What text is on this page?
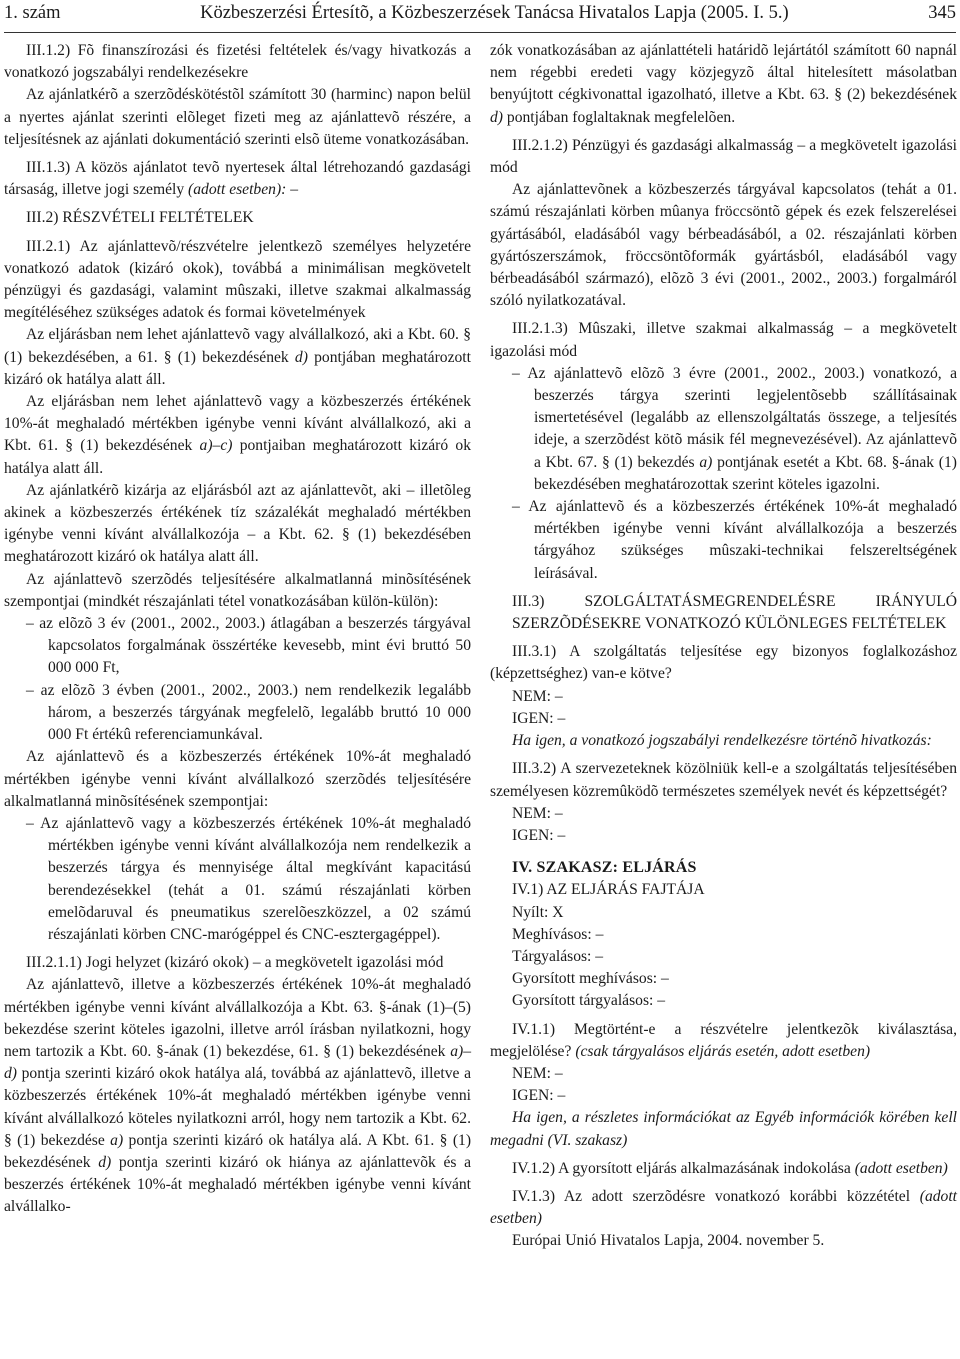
1. szám	Közbeszerzési Értesítõ, a Közbeszerzések Tanácsa Hivatalos Lapja (2005. I. 5.)	345

III.1.2) Fõ finanszírozási és fizetési feltételek és/vagy hivatkozás a vonatkozó jogszabályi rendelkezésekre

Az ajánlatkérõ a szerzõdéskötéstõl számított 30 (harminc) napon belül a nyertes ajánlat szerinti elõleget fizeti meg az ajánlattevõ részére, a teljesítésnek az ajánlati dokumentáció szerinti elsõ üteme vonatkozásában.

III.1.3) A közös ajánlatot tevõ nyertesek által létrehozandó gazdasági társaság, illetve jogi személy (adott esetben): –

III.2) RÉSZVÉTELI FELTÉTELEK

III.2.1) Az ajánlattevõ/részvételre jelentkezõ személyes helyzetére vonatkozó adatok (kizáró okok), továbbá a minimálisan megkövetelt pénzügyi és gazdasági, valamint mûszaki, illetve szakmai alkalmasság megítéléséhez szükséges adatok és formai követelmények

Az eljárásban nem lehet ajánlattevõ vagy alvállalkozó, aki a Kbt. 60. § (1) bekezdésében, a 61. § (1) bekezdésének d) pontjában meghatározott kizáró ok hatálya alatt áll.

Az eljárásban nem lehet ajánlattevõ vagy a közbeszerzés értékének 10%-át meghaladó mértékben igénybe venni kívánt alvállalkozó, aki a Kbt. 61. § (1) bekezdésének a)–c) pontjaiban meghatározott kizáró ok hatálya alatt áll.

Az ajánlatkérõ kizárja az eljárásból azt az ajánlattevõt, aki – illetõleg akinek a közbeszerzés értékének tíz százalékát meghaladó mértékben igénybe venni kívánt alvállalkozója – a Kbt. 62. § (1) bekezdésében meghatározott kizáró ok hatálya alatt áll.

Az ajánlattevõ szerzõdés teljesítésére alkalmatlanná minõsítésének szempontjai (mindkét részajánlati tétel vonatkozásában külön-külön):

– az elõzõ 3 év (2001., 2002., 2003.) átlagában a beszerzés tárgyával kapcsolatos forgalmának összértéke kevesebb, mint évi bruttó 50 000 000 Ft,

– az elõzõ 3 évben (2001., 2002., 2003.) nem rendelkezik legalább három, a beszerzés tárgyának megfelelõ, legalább bruttó 10 000 000 Ft értékû referenciamunkával.

Az ajánlattevõ és a közbeszerzés értékének 10%-át meghaladó mértékben igénybe venni kívánt alvállalkozó szerzõdés teljesítésére alkalmatlanná minõsítésének szempontjai:

– Az ajánlattevõ vagy a közbeszerzés értékének 10%-át meghaladó mértékben igénybe venni kívánt alvállalkozója nem rendelkezik a beszerzés tárgya és mennyisége által megkívánt kapacitású berendezésekkel (tehát a 01. számú részajánlati körben emelõdaruval és pneumatikus szerelõeszközzel, a 02 számú részajánlati körben CNC-marógéppel és CNC-esztergagéppel).

III.2.1.1) Jogi helyzet (kizáró okok) – a megkövetelt igazolási mód

Az ajánlattevõ, illetve a közbeszerzés értékének 10%-át meghaladó mértékben igénybe venni kívánt alvállalkozója a Kbt. 63. §-ának (1)–(5) bekezdése szerint köteles igazolni, illetve arról írásban nyilatkozni, hogy nem tartozik a Kbt. 60. §-ának (1) bekezdése, 61. § (1) bekezdésének a)–d) pontja szerinti kizáró okok hatálya alá, továbbá az ajánlattevõ, illetve a közbeszerzés értékének 10%-át meghaladó mértékben igénybe venni kívánt alvállalkozó köteles nyilatkozni arról, hogy nem tartozik a Kbt. 62. § (1) bekezdése a) pontja szerinti kizáró ok hatálya alá. A Kbt. 61. § (1) bekezdésének d) pontja szerinti kizáró ok hiánya az ajánlattevõk és a beszerzés értékének 10%-át meghaladó mértékben igénybe venni kívánt alvállalko-

zók vonatkozásában az ajánlattételi határidõ lejártától számított 60 napnál nem régebbi eredeti vagy közjegyzõ által hitelesített másolatban benyújtott cégkivonattal igazolható, illetve a Kbt. 63. § (2) bekezdésének d) pontjában foglaltaknak megfelelõen.

III.2.1.2) Pénzügyi és gazdasági alkalmasság – a megkövetelt igazolási mód

Az ajánlattevõnek a közbeszerzés tárgyával kapcsolatos (tehát a 01. számú részajánlati körben mûanya fröccsöntõ gépek és ezek felszerelései gyártásából, eladásából vagy bérbeadásából, a 02. részajánlati körben gyártószerszámok, fröccsöntõformák gyártásból, eladásából vagy bérbeadásából származó), elõzõ 3 évi (2001., 2002., 2003.) forgalmáról szóló nyilatkozatával.

III.2.1.3) Mûszaki, illetve szakmai alkalmasság – a megkövetelt igazolási mód

– Az ajánlattevõ elõzõ 3 évre (2001., 2002., 2003.) vonatkozó, a beszerzés tárgya szerinti legjelentõsebb szállításainak ismertetésével (legalább az ellenszolgáltatás összege, a teljesítés ideje, a szerzõdést kötõ másik fél megnevezésével). Az ajánlattevõ a Kbt. 67. § (1) bekezdés a) pontjának esetét a Kbt. 68. §-ának (1) bekezdésében meghatározottak szerint köteles igazolni.

– Az ajánlattevõ és a közbeszerzés értékének 10%-át meghaladó mértékben igénybe venni kívánt alvállalkozója a beszerzés tárgyához szükséges mûszaki-technikai felszereltségének leírásával.

III.3) SZOLGÁLTATÁSMEGRENDELÉSRE IRÁNYULÓ SZERZÕDÉSEKRE VONATKOZÓ KÜLÖNLEGES FELTÉTELEK

III.3.1) A szolgáltatás teljesítése egy bizonyos foglalkozáshoz (képzettséghez) van-e kötve?

NEM: –

IGEN: –

Ha igen, a vonatkozó jogszabályi rendelkezésre történõ hivatkozás:

III.3.2) A szervezeteknek közölniük kell-e a szolgáltatás teljesítésében személyesen közremûködõ természetes személyek nevét és képzettségét?

NEM: –

IGEN: –

IV. SZAKASZ: ELJÁRÁS

IV.1) AZ ELJÁRÁS FAJTÁJA

Nyílt: X

Meghívásos: –

Tárgyalásos: –

Gyorsított meghívásos: –

Gyorsított tárgyalásos: –

IV.1.1) Megtörtént-e a részvételre jelentkezõk kiválasztása, megjelölése? (csak tárgyalásos eljárás esetén, adott esetben)

NEM: –

IGEN: –

Ha igen, a részletes információkat az Egyéb információk körében kell megadni (VI. szakasz)

IV.1.2) A gyorsított eljárás alkalmazásának indokolása (adott esetben)

IV.1.3) Az adott szerzõdésre vonatkozó korábbi közzététel (adott esetben)

Európai Unió Hivatalos Lapja, 2004. november 5.
